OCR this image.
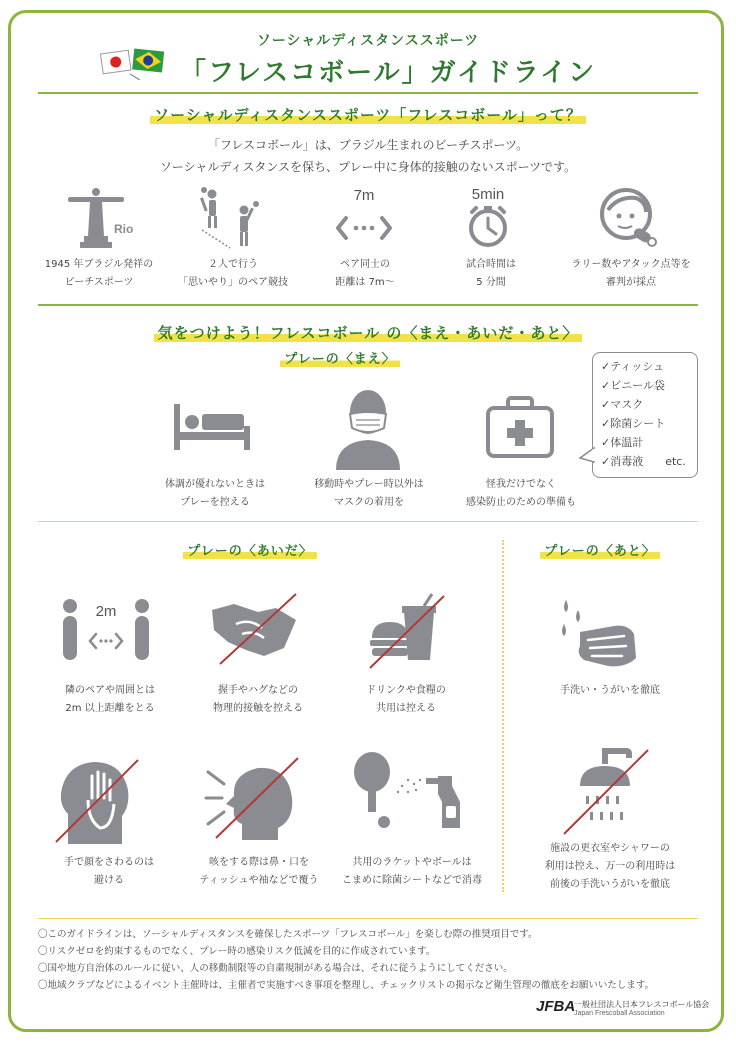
ソーシャルディスタンススポーツ
「フレスコボール」ガイドライン
ソーシャルディスタンススポーツ「フレスコボール」って？
「フレスコボール」は、ブラジル生まれのビーチスポーツ。
ソーシャルディスタンスを保ち、プレー中に身体的接触のないスポーツです。
Rio
7m	5min
1945 年ブラジル発祥の
ビーチスポーツ
２人で行う
「思いやり」のペア競技
ペア同士の
距離は 7m〜
試合時間は
5 分間
ラリー数やアタック点等を
審判が採点
気をつけよう！フレスコボール の〈まえ・あいだ・あと〉
プレーの〈まえ〉
体調が優れないときは
プレーを控える
移動時やプレー時以外は
マスクの着用を
怪我だけでなく
感染防止のための準備も
✓ティッシュ
✓ビニール袋
✓マスク
✓除菌シート
✓体温計
✓消毒液 etc.
プレーの〈あいだ〉	プレーの〈あと〉
2m
隣のペアや周囲とは
2m 以上距離をとる
握手やハグなどの
物理的接触を控える
ドリンクや食糧の
共用は控える
手で顔をさわるのは
避ける
咳をする際は鼻・口を
ティッシュや袖などで覆う
共用のラケットやボールは
こまめに除菌シートなどで消毒
手洗い・うがいを徹底
施設の更衣室やシャワーの
利用は控え、万一の利用時は
前後の手洗いうがいを徹底
〇このガイドラインは、ソーシャルディスタンスを確保したスポーツ「フレスコボール」を楽しむ際の推奨項目です。
〇リスクゼロを約束するものでなく、プレー時の感染リスク低減を目的に作成されています。
〇国や地方自治体のルールに従い、人の移動制限等の自粛規制がある場合は、それに従うようにしてください。
〇地域クラブなどによるイベント主催時は、主催者で実施すべき事項を整理し、チェックリストの掲示など衛生管理の徹底をお願いいたします。
JFBA
一般社団法人日本フレスコボール協会
Japan Frescoball Association
